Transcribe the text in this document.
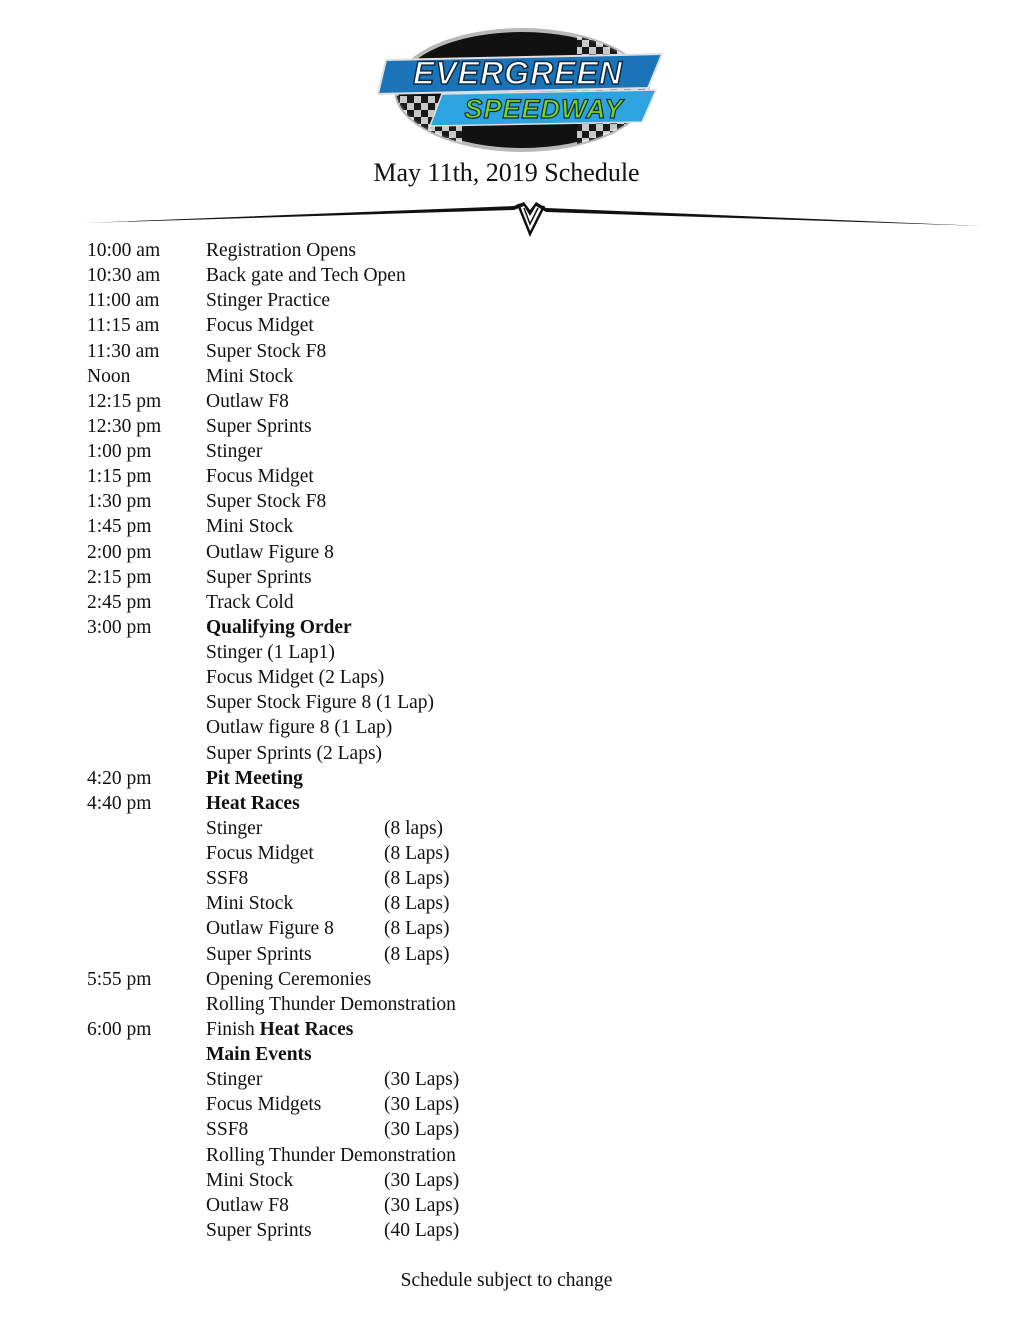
EVERGREEN
SPEEDWAY
May 11th, 2019 Schedule
10:00 am Registration Opens
10:30 am Back gate and Tech Open
11:00 am Stinger Practice
11:15 am Focus Midget
11:30 am Super Stock F8
Noon	Mini Stock
12:15 pm Outlaw F8
12:30 pm Super Sprints
1:00 pm	Stinger
1:15 pm	Focus Midget
1:30 pm	Super Stock F8
1:45 pm	Mini Stock
2:00 pm	Outlaw Figure 8
2:15 pm	Super Sprints
2:45 pm	Track Cold
3:00 pm	Qualifying Order
Stinger (1 Lap1)
Focus Midget (2 Laps)
Super Stock Figure 8 (1 Lap)
Outlaw figure 8 (1 Lap)
Super Sprints (2 Laps)
4:20 pm	Pit Meeting
4:40 pm	Heat Races
Stinger	(8 laps)
Focus Midget	(8 Laps)
SSF8	(8 Laps)
Mini Stock	(8 Laps)
Outlaw Figure 8	(8 Laps)
Super Sprints	(8 Laps)
5:55 pm	Opening Ceremonies
Rolling Thunder Demonstration
6:00 pm	Finish Heat Races
Main Events
Stinger	(30 Laps)
Focus Midgets	(30 Laps)
SSF8	(30 Laps)
Rolling Thunder Demonstration
Mini Stock	(30 Laps)
Outlaw F8	(30 Laps)
Super Sprints	(40 Laps)
Schedule subject to change
